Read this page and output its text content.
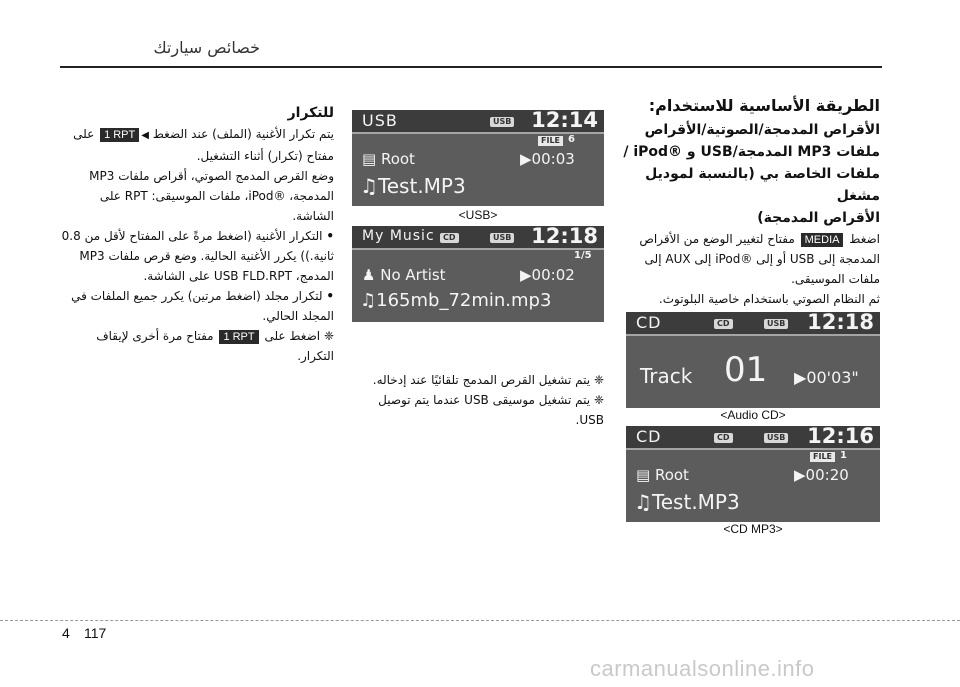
خصائص سيارتك

الطريقة الأساسية للاستخدام:

الأقراص المدمجة/الصوتية/الأقراص

ملفات MP3 المدمجة/USB و ®iPod /

ملفات الخاصة بي (بالنسبة لموديل مشغل

الأقراص المدمجة)

اضغط MEDIA مفتاح لتغيير الوضع من الأقراص المدمجة إلى USB أو إلى ®iPod إلى AUX إلى ملفات الموسيقى.

ثم النظام الصوتي باستخدام خاصية البلوتوث.

CD	CD	USB 12:18
Track 01 ▶00'03"
<Audio CD>
CD	CD	USB 12:16
FILE 1
▤ Root	▶00:20
♫Test.MP3
<CD MP3>
USB	USB 12:14
FILE 6
▤ Root	▶00:03
♫Test.MP3
<USB>
My Music	CD	USB 12:18
1/5
♟ No Artist	▶00:02
♫165mb_72min.mp3

❈ يتم تشغيل القرص المدمج تلقائيًا عند إدخاله.

❈ يتم تشغيل موسيقى USB عندما يتم توصيل USB.

للتكرار

يتم تكرار الأغنية (الملف) عند الضغط ◀1 RPT على مفتاح (تكرار) أثناء التشغيل.

وضع القرص المدمج الصوتي، أقراص ملفات MP3 المدمجة، ®iPod، ملفات الموسيقى: RPT على الشاشة.

• التكرار الأغنية (اضغط مرةً على المفتاح لأقل من 0.8 ثانية.)) يكرر الأغنية الحالية. وضع قرص ملفات MP3 المدمج، USB FLD.RPT على الشاشة.

• لتكرار مجلد (اضغط مرتين) يكرر جميع الملفات في المجلد الحالي.

❈ اضغط على 1 RPT مفتاح مرة أخرى لإيقاف التكرار.

4 117
carmanualsonline.info
